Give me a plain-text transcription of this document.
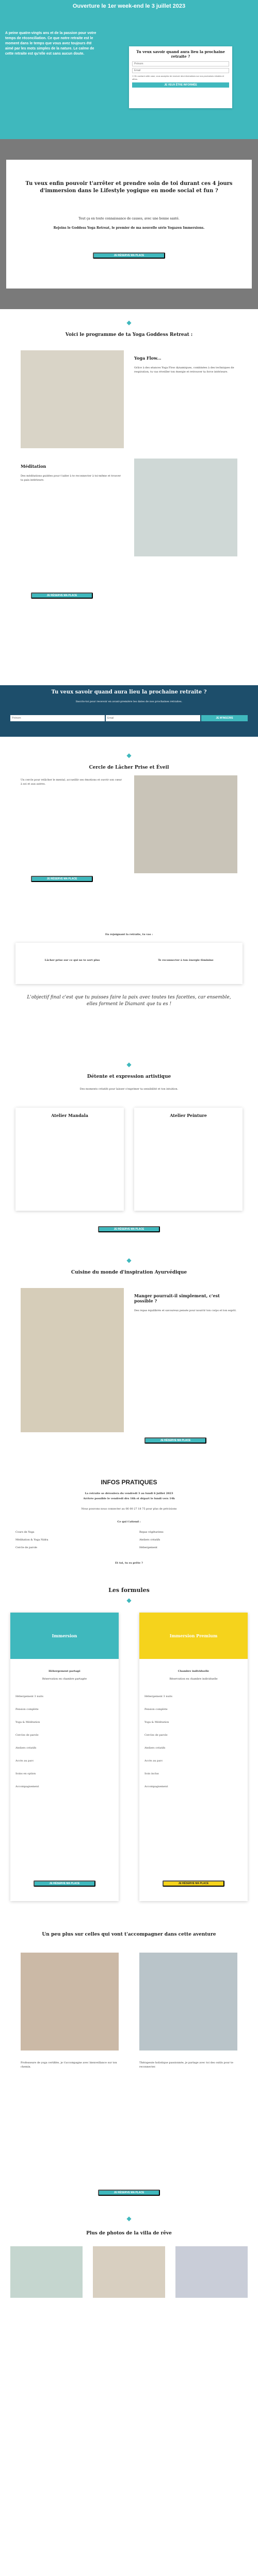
Ouverture le 1er week-end le 3 juillet 2023
A peine quatre-vingts ans et de la passion pour votre temps de réconciliation. Ce que notre retraite est le moment dans le temps que vous avez toujours été aimé par les mots simples de la nature. Le calme de cette retraite est qu'elle est sans aucun doute.	Tu veux savoir quand aura lieu la prochaine retraite ?
Prénom
Email
☐ En cochant cette case, vous acceptez de recevoir des informations sur nos prochaines retraites et offres.
JE VEUX ÊTRE INFORMÉE
Tu veux enfin pouvoir t'arrêter et prendre soin de toi durant ces 4 jours d'immersion dans le Lifestyle yogique en mode social et fun ?

Tout ça en toute connaissance de causes, avec une bonne santé.

Rejoins le Goddess Yoga Retreat, le premier de ma nouvelle série Yogazen Immersions.

JE RÉSERVE MA PLACE
◆
Voici le programme de ta Yoga Goddess Retreat :
Yoga Flow...
Grâce à des séances Yoga Flow dynamiques, combinées à des techniques de respiration, tu vas réveiller ton énergie et retrouver ta force intérieure.
Méditation
Des méditations guidées pour t'aider à te reconnecter à toi-même et trouver ta paix intérieure.
JE RÉSERVE MA PLACE
Tu veux savoir quand aura lieu la prochaine retraite ?

Inscris-toi pour recevoir en avant-première les dates de nos prochaines retraites.

Prénom
Email
JE M'INSCRIS
◆
Cercle de Lâcher Prise et Éveil
Un cercle pour relâcher le mental, accueillir ses émotions et ouvrir son cœur à soi et aux autres.
JE RÉSERVE MA PLACE
En rejoignant la retraite, tu vas :
Lâcher prise sur ce qui ne te sert plus	Te reconnecter à ton énergie féminine
L'objectif final c'est que tu puisses faire la paix avec toutes tes facettes, car ensemble, elles forment le Diamant que tu es !
◆
Détente et expression artistique
Des moments créatifs pour laisser s'exprimer ta sensibilité et ton intuition.
Atelier Mandala	Atelier Peinture
JE RÉSERVE MA PLACE
◆
Cuisine du monde d'inspiration Ayurvédique
Manger pourrait-il simplement, c'est possible ?
Des repas équilibrés et savoureux pensés pour nourrir ton corps et ton esprit.
JE RÉSERVE MA PLACE
INFOS PRATIQUES
La retraite se déroulera du vendredi 3 au lundi 6 juillet 2023
Arrivée possible le vendredi dès 16h et départ le lundi vers 14h
Nous pouvons nous connecter au 06 00 27 18 75 pour plus de précisions
Ce qui t'attend :
Cours de Yoga
Méditation & Yoga Nidra
Cercle de parole
Repas végétariens
Ateliers créatifs
Hébergement
Et toi, tu es prête ?
Les formules
◆
Immersion
Hébergement partagé
Réservation en chambre partagée
Hébergement 3 nuits
Pension complète
Yoga & Méditation
Cercles de parole
Ateliers créatifs
Accès au parc
Soins en option
Accompagnement
JE RÉSERVE MA PLACE
Immersion Premium
Chambre individuelle
Réservation en chambre individuelle
Hébergement 3 nuits
Pension complète
Yoga & Méditation
Cercles de parole
Ateliers créatifs
Accès au parc
Soin inclus
Accompagnement
JE RÉSERVE MA PLACE
Un peu plus sur celles qui vont t'accompagner dans cette aventure
Professeure de yoga certifiée, je t'accompagne avec bienveillance sur ton chemin.
Thérapeute holistique passionnée, je partage avec toi des outils pour te reconnecter.
JE RÉSERVE MA PLACE
◆
Plus de photos de la villa de rêve
